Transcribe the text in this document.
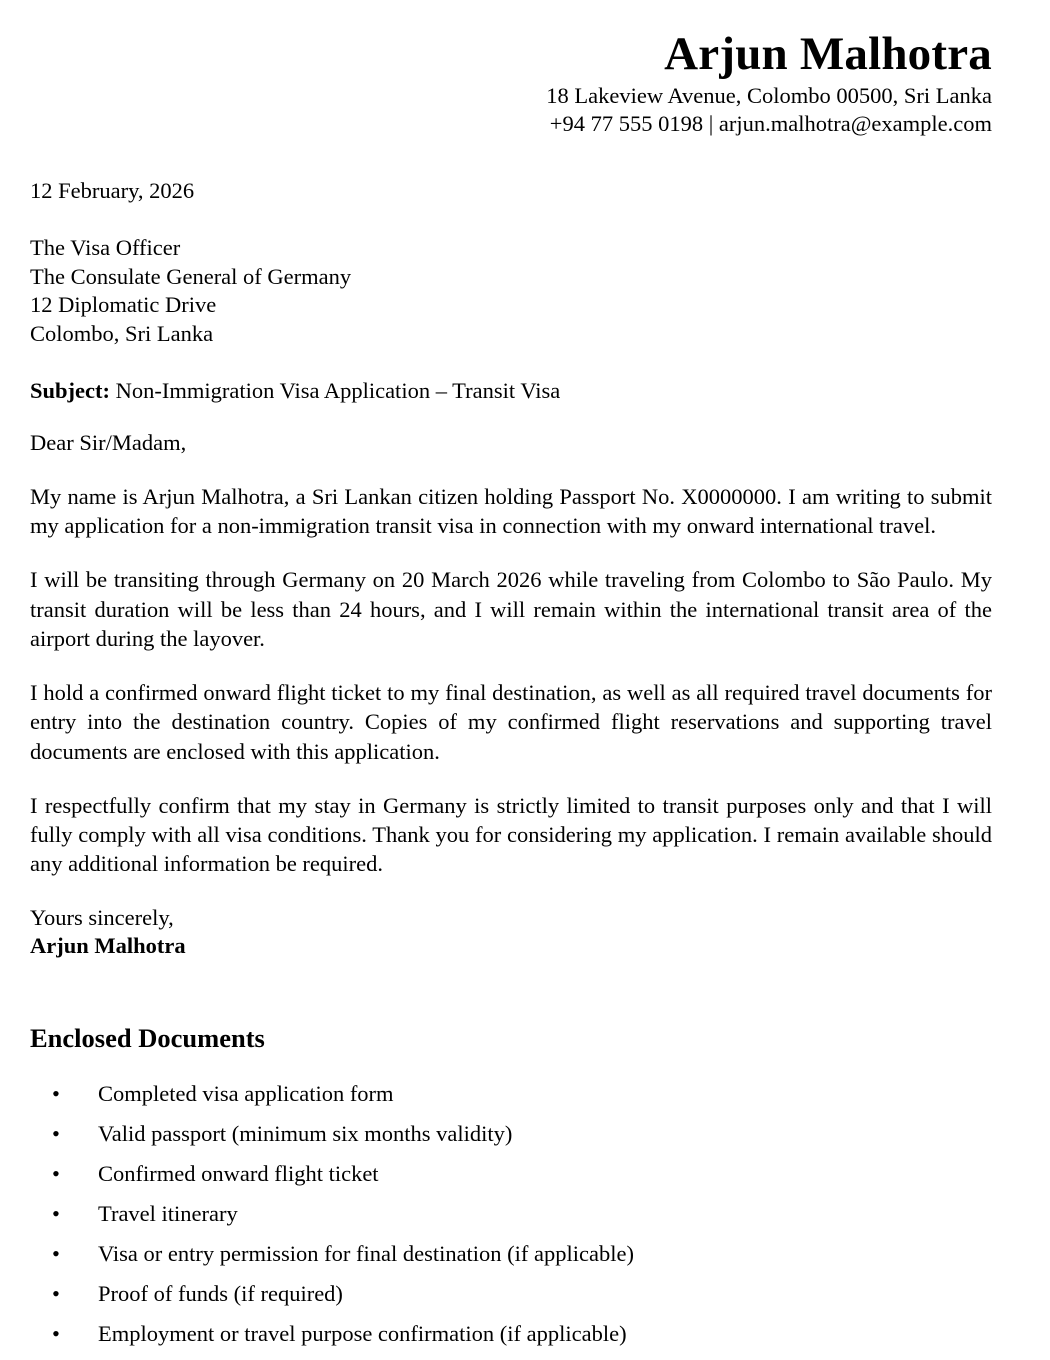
Arjun Malhotra
18 Lakeview Avenue, Colombo 00500, Sri Lanka
+94 77 555 0198 | arjun.malhotra@example.com
12 February, 2026
The Visa Officer
The Consulate General of Germany
12 Diplomatic Drive
Colombo, Sri Lanka
Subject: Non-Immigration Visa Application – Transit Visa
Dear Sir/Madam,
My name is Arjun Malhotra, a Sri Lankan citizen holding Passport No. X0000000. I am writing to submit my application for a non-immigration transit visa in connection with my onward international travel.
I will be transiting through Germany on 20 March 2026 while traveling from Colombo to São Paulo. My transit duration will be less than 24 hours, and I will remain within the international transit area of the airport during the layover.
I hold a confirmed onward flight ticket to my final destination, as well as all required travel documents for entry into the destination country. Copies of my confirmed flight reservations and supporting travel documents are enclosed with this application.
I respectfully confirm that my stay in Germany is strictly limited to transit purposes only and that I will fully comply with all visa conditions. Thank you for considering my application. I remain available should any additional information be required.
Yours sincerely,
Arjun Malhotra
Enclosed Documents
•	Completed visa application form
•	Valid passport (minimum six months validity)
•	Confirmed onward flight ticket
•	Travel itinerary
•	Visa or entry permission for final destination (if applicable)
•	Proof of funds (if required)
•	Employment or travel purpose confirmation (if applicable)
